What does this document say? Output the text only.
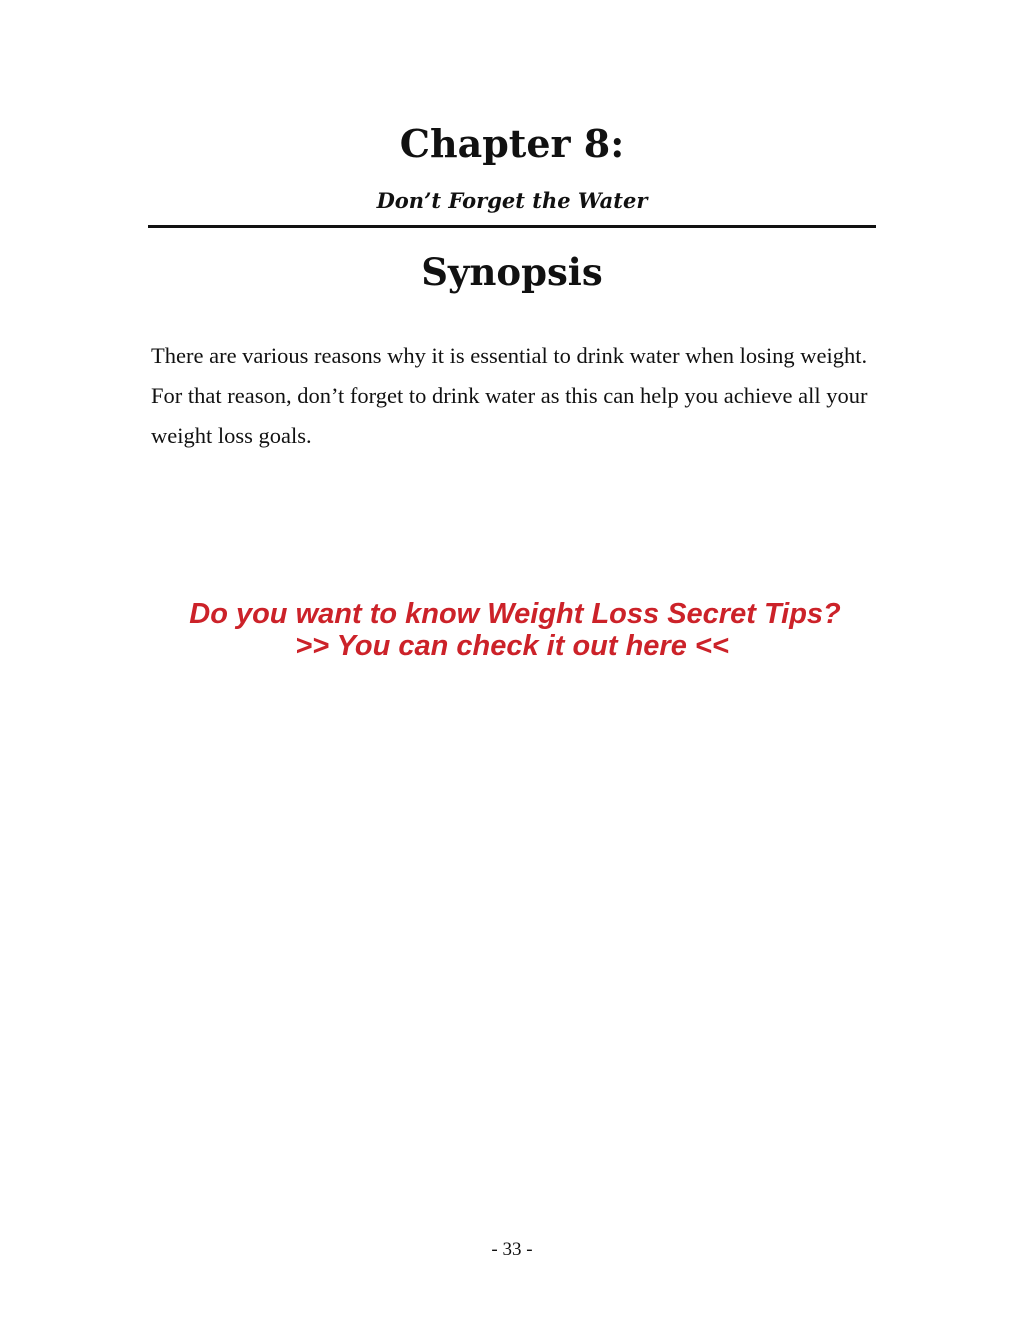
Chapter 8:
Don’t Forget the Water
Synopsis

There are various reasons why it is essential to drink water when losing weight. For that reason, don’t forget to drink water as this can help you achieve all your weight loss goals.

Do you want to know Weight Loss Secret Tips?
>> You can check it out here <<
- 33 -
